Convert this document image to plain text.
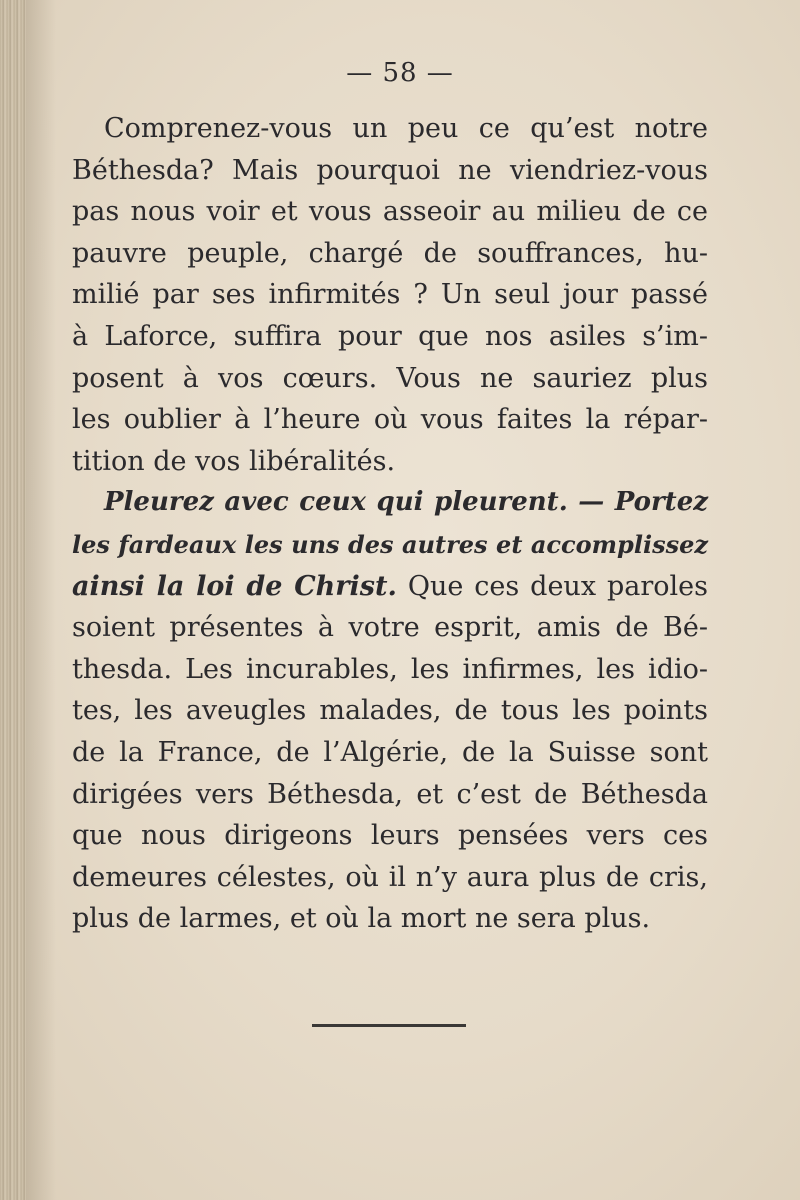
— 58 —
Comprenez-vous un peu ce qu’est notre
Béthesda? Mais pourquoi ne viendriez-vous
pas nous voir et vous asseoir au milieu de ce
pauvre peuple, chargé de souffrances, hu-
milié par ses infirmités ? Un seul jour passé
à Laforce, suffira pour que nos asiles s’im-
posent à vos cœurs. Vous ne sauriez plus
les oublier à l’heure où vous faites la répar-
tition de vos libéralités.
Pleurez avec ceux qui pleurent. — Portez
les fardeaux les uns des autres et accomplissez
ainsi la loi de Christ. Que ces deux paroles
soient présentes à votre esprit, amis de Bé-
thesda. Les incurables, les infirmes, les idio-
tes, les aveugles malades, de tous les points
de la France, de l’Algérie, de la Suisse sont
dirigées vers Béthesda, et c’est de Béthesda
que nous dirigeons leurs pensées vers ces
demeures célestes, où il n’y aura plus de cris,
plus de larmes, et où la mort ne sera plus.
